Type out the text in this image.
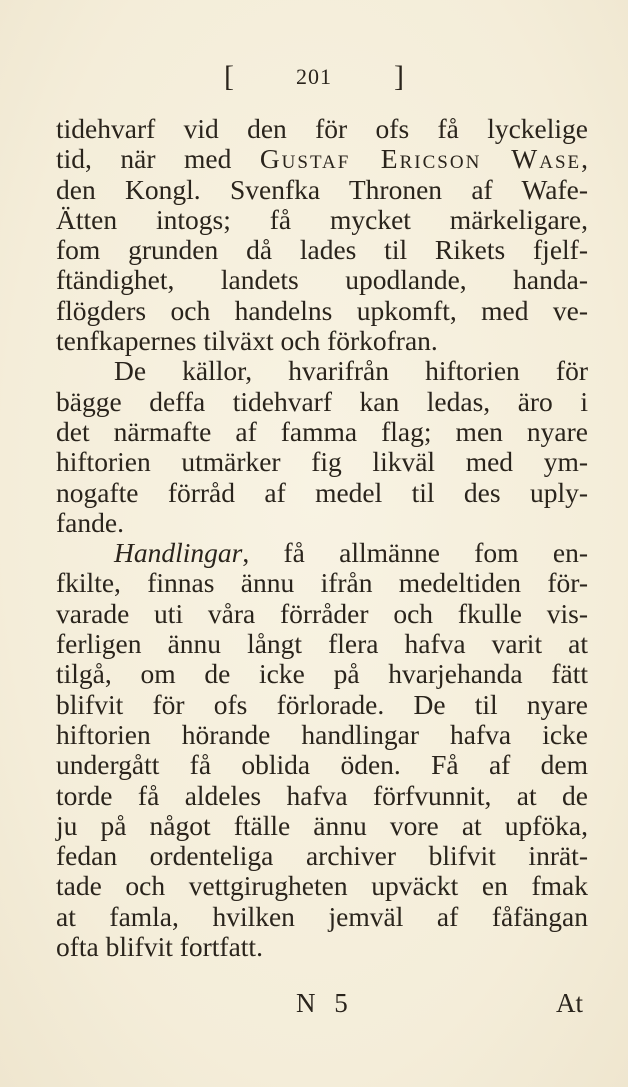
[	201 ]
tidehvarf vid den för ofs få lyckelige
tid, när med Gustaf Ericson Wase,
den Kongl. Svenfka Thronen af Wafe-
Ätten intogs; få mycket märkeligare,
fom grunden då lades til Rikets fjelf-
ftändighet, landets upodlande, handa-
flögders och handelns upkomft, med ve-
tenfkapernes tilväxt och förkofran.
De källor, hvarifrån hiftorien för
bägge deffa tidehvarf kan ledas, äro i
det närmafte af famma flag; men nyare
hiftorien utmärker fig likväl med ym-
nogafte förråd af medel til des uply-
fande.
Handlingar, få allmänne fom en-
fkilte, finnas ännu ifrån medeltiden för-
varade uti våra förråder och fkulle vis-
ferligen ännu långt flera hafva varit at
tilgå, om de icke på hvarjehanda fätt
blifvit för ofs förlorade. De til nyare
hiftorien hörande handlingar hafva icke
undergått få oblida öden. Få af dem
torde få aldeles hafva förfvunnit, at de
ju på något ftälle ännu vore at upföka,
fedan ordenteliga archiver blifvit inrät-
tade och vettgirugheten upväckt en fmak
at famla, hvilken jemväl af fåfängan
ofta blifvit fortfatt.
N 5	At
